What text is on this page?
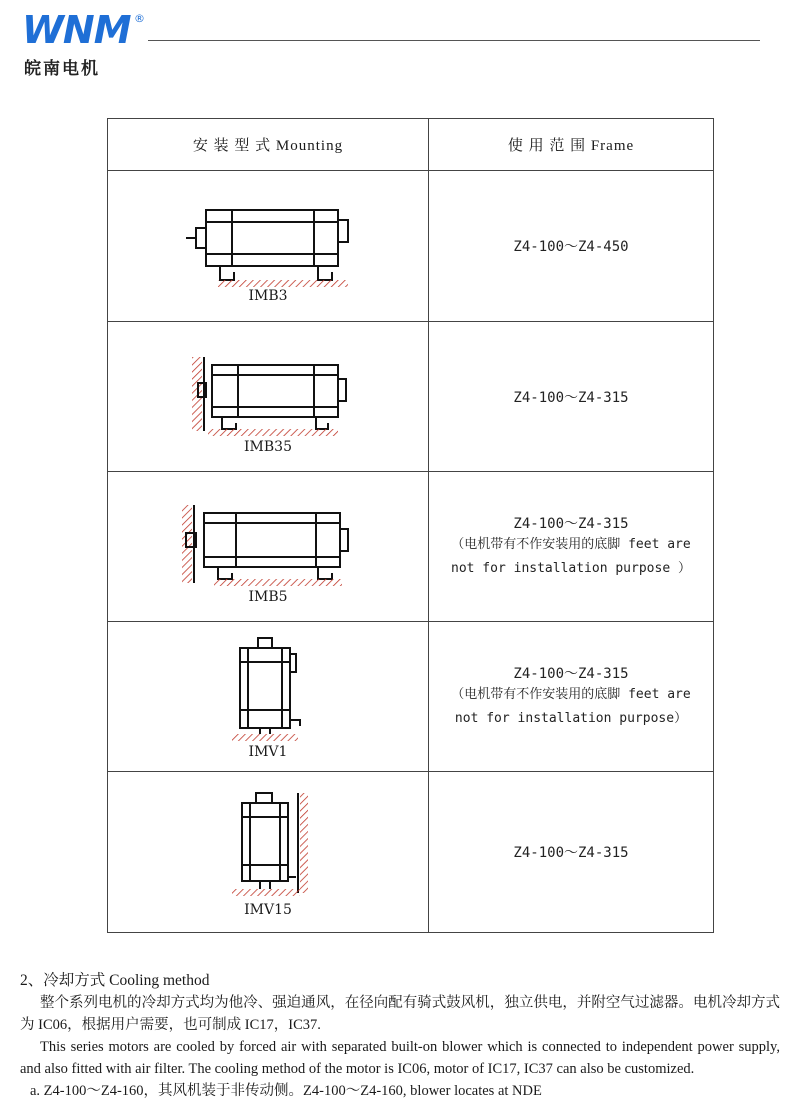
WNM ®
皖南电机
安 装 型 式 Mounting	使 用 范 围 Frame

IMB3	Z4-100～Z4-450

IMB35	Z4-100～Z4-315

IMB5	Z4-100～Z4-315
（电机带有不作安装用的底脚 feet are
not for installation purpose ）

IMV1	Z4-100～Z4-315
（电机带有不作安装用的底脚 feet are
not for installation purpose）

IMV15	Z4-100～Z4-315
2、冷却方式 Cooling method

整个系列电机的冷却方式均为他冷、强迫通风，在径向配有骑式鼓风机，独立供电，并附空气过滤器。电机冷却方式为 IC06，根据用户需要，也可制成 IC17，IC37.

This series motors are cooled by forced air with separated built-on blower which is connected to independent power supply, and also fitted with air filter. The cooling method of the motor is IC06, motor of IC17, IC37 can also be customized.

a. Z4-100～Z4-160，其风机装于非传动侧。Z4-100～Z4-160, blower locates at NDE
